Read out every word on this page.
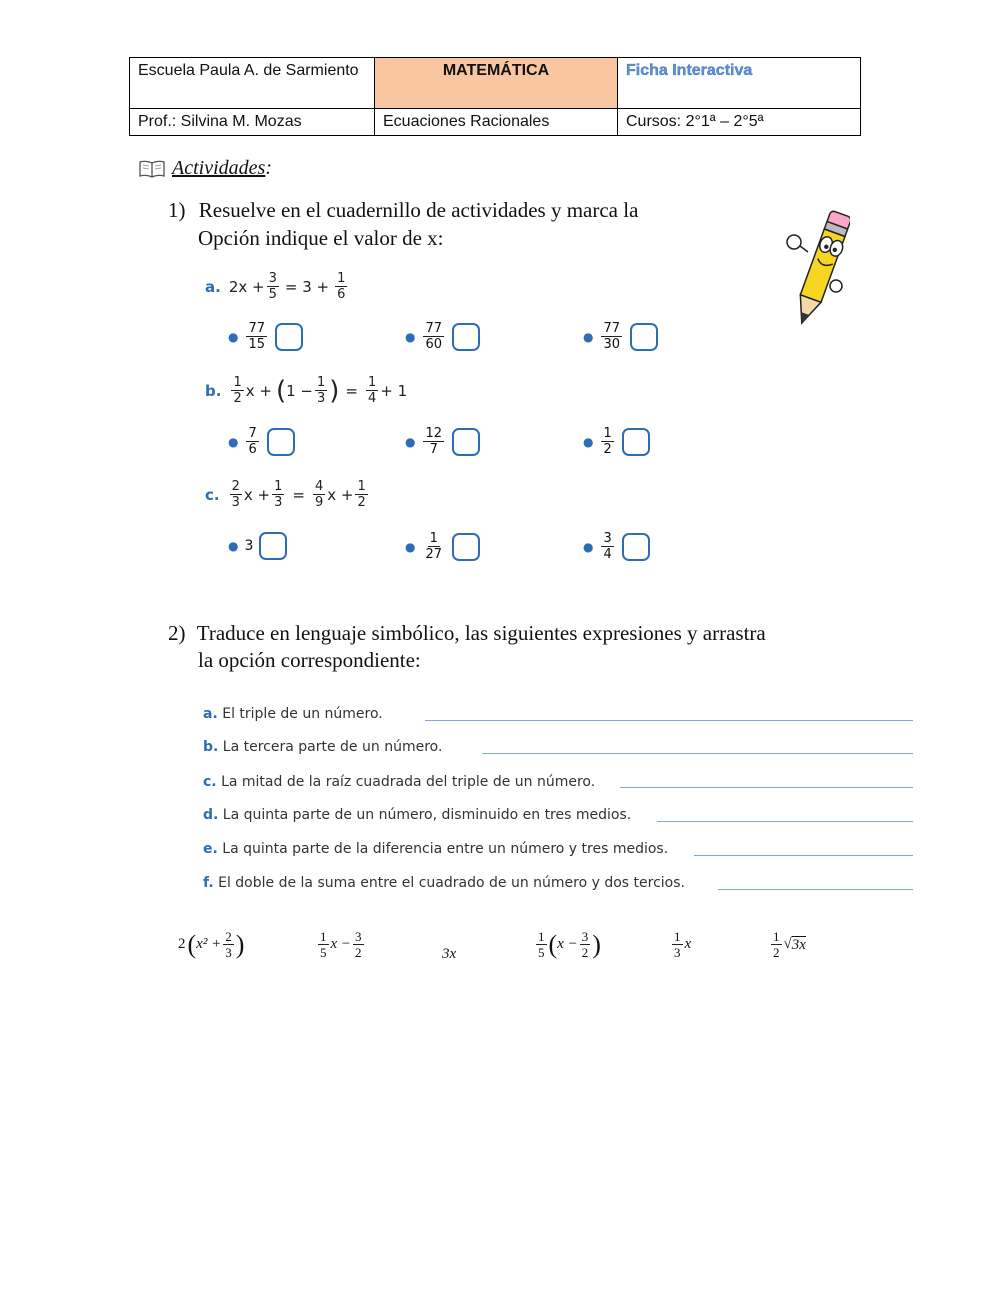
Escuela Paula A. de Sarmiento	MATEMÁTICA	Ficha Interactiva
Prof.: Silvina M. Mozas	Ecuaciones Racionales	Cursos: 2°1ª – 2°5ª
Actividades :
1) Resuelve en el cuadernillo de actividades y marca la
Opción indique el valor de x:
a. $2x + \frac{3}{5} = 3 + \frac{1}{6}$
● $\frac{77}{15}$	● $\frac{77}{60}$	● $\frac{77}{30}$
b. $\frac{1}{2}$ x + ( $1 - \frac{1}{3}$ ) = $\frac{1}{4} + 1$
● $\frac{7}{6}$	● $\frac{12}{7}$	● $\frac{1}{2}$
c. $\frac{2}{3}$ $x + \frac{1}{3} = \frac{4}{9}$ $x + \frac{1}{2}$
● 3	● $\frac{1}{27}$	● $\frac{3}{4}$
2) Traduce en lenguaje simbólico, las siguientes expresiones y arrastra
la opción correspondiente:
a. El triple de un número.
b. La tercera parte de un número.
c. La mitad de la raíz cuadrada del triple de un número.
d. La quinta parte de un número, disminuido en tres medios.
e. La quinta parte de la diferencia entre un número y tres medios.
f. El doble de la suma entre el cuadrado de un número y dos tercios.
2 ( $x^2 + \frac{2}{3}$ )	$\frac{1}{5}$ $x - \frac{3}{2}$	3x	$\frac{1}{5}$ ( $x - \frac{3}{2}$ )	$\frac{1}{3}$ x	$\frac{1}{2}$ √ 3x
